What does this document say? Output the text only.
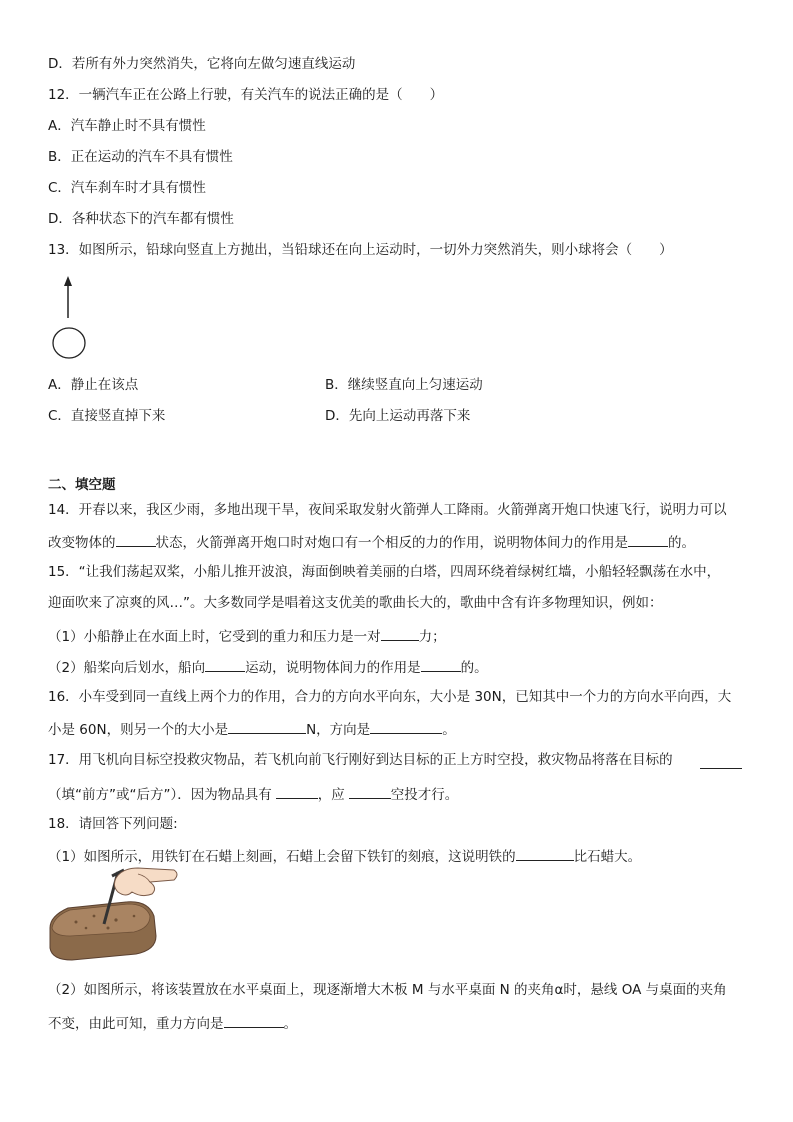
D．若所有外力突然消失，它将向左做匀速直线运动
12．一辆汽车正在公路上行驶，有关汽车的说法正确的是（　　）
A．汽车静止时不具有惯性
B．正在运动的汽车不具有惯性
C．汽车刹车时才具有惯性
D．各种状态下的汽车都有惯性
13．如图所示，铅球向竖直上方抛出，当铅球还在向上运动时，一切外力突然消失，则小球将会（　　）
A．静止在该点	B．继续竖直向上匀速运动
C．直接竖直掉下来	D．先向上运动再落下来
二、填空题
14．开春以来，我区少雨，多地出现干旱，夜间采取发射火箭弹人工降雨。火箭弹离开炮口快速飞行，说明力可以
改变物体的	状态，火箭弹离开炮口时对炮口有一个相反的力的作用，说明物体间力的作用是	的。
15．“让我们荡起双桨，小船儿推开波浪，海面倒映着美丽的白塔，四周环绕着绿树红墙，小船轻轻飘荡在水中，
迎面吹来了凉爽的风…”。大多数同学是唱着这支优美的歌曲长大的，歌曲中含有许多物理知识，例如：
（1）小船静止在水面上时，它受到的重力和压力是一对	力；
（2）船桨向后划水，船向	运动，说明物体间力的作用是	的。
16．小车受到同一直线上两个力的作用，合力的方向水平向东，大小是 30N，已知其中一个力的方向水平向西，大
小是 60N，则另一个的大小是	N，方向是	。
17．用飞机向目标空投救灾物品，若飞机向前飞行刚好到达目标的正上方时空投，救灾物品将落在目标的
（填“前方”或“后方”）．因为物品具有	，应	空投才行。
18．请回答下列问题:
（1）如图所示，用铁钉在石蜡上刻画，石蜡上会留下铁钉的刻痕，这说明铁的	比石蜡大。
（2）如图所示，将该装置放在水平桌面上，现逐渐增大木板 M 与水平桌面 N 的夹角α时，悬线 OA 与桌面的夹角
不变，由此可知，重力方向是	。
